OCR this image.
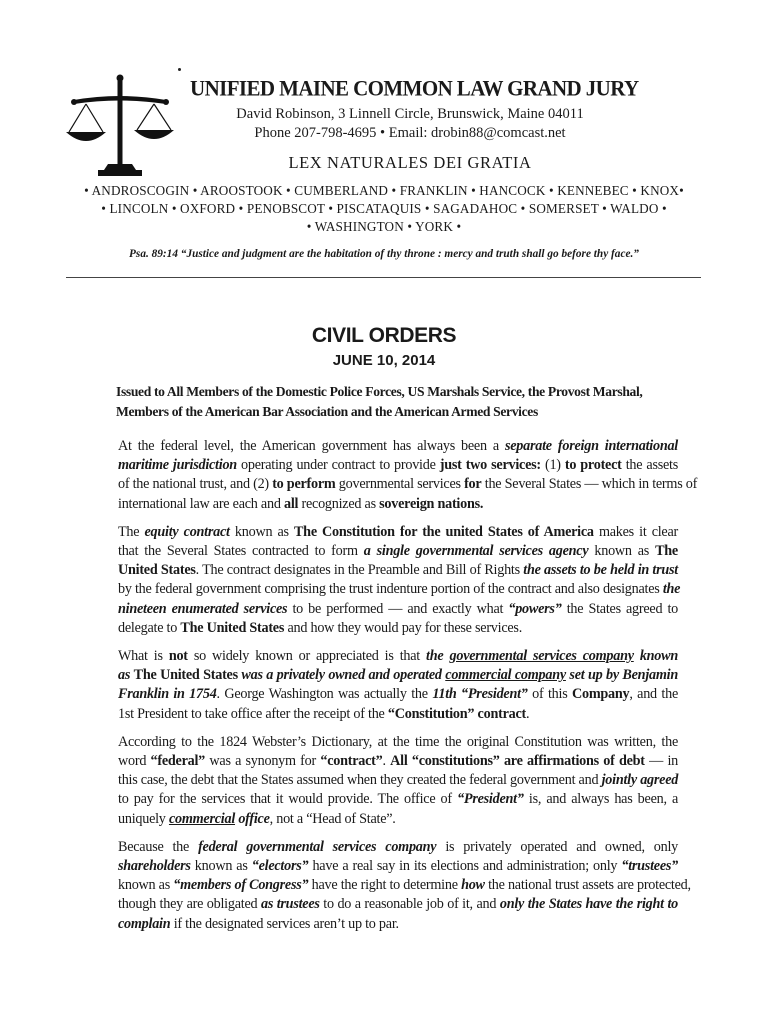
UNIFIED MAINE COMMON LAW GRAND JURY
David Robinson, 3 Linnell Circle, Brunswick, Maine 04011
Phone 207-798-4695 • Email: drobin88@comcast.net
LEX NATURALES DEI GRATIA
• ANDROSCOGIN • AROOSTOOK • CUMBERLAND • FRANKLIN • HANCOCK • KENNEBEC • KNOX•
• LINCOLN • OXFORD • PENOBSCOT • PISCATAQUIS • SAGADAHOC • SOMERSET • WALDO •
• WASHINGTON • YORK •
Psa. 89:14 “Justice and judgment are the habitation of thy throne : mercy and truth shall go before thy face.”
CIVIL ORDERS
JUNE 10, 2014
Issued to All Members of the Domestic Police Forces, US Marshals Service, the Provost Marshal, Members of the American Bar Association and the American Armed Services
At the federal level, the American government has always been a separate foreign international
maritime jurisdiction operating under contract to provide just two services: (1) to protect the assets
of the national trust, and (2) to perform governmental services for the Several States — which in terms of
international law are each and all recognized as sovereign nations.
The equity contract known as The Constitution for the united States of America makes it clear
that the Several States contracted to form a single governmental services agency known as The
United States. The contract designates in the Preamble and Bill of Rights the assets to be held in trust
by the federal government comprising the trust indenture portion of the contract and also designates the
nineteen enumerated services to be performed — and exactly what “powers” the States agreed to
delegate to The United States and how they would pay for these services.
What is not so widely known or appreciated is that the governmental services company known
as The United States was a privately owned and operated commercial company set up by Benjamin
Franklin in 1754. George Washington was actually the 11th “President” of this Company, and the
1st President to take office after the receipt of the “Constitution” contract.
According to the 1824 Webster’s Dictionary, at the time the original Constitution was written, the
word “federal” was a synonym for “contract”. All “constitutions” are affirmations of debt — in
this case, the debt that the States assumed when they created the federal government and jointly agreed
to pay for the services that it would provide. The office of “President” is, and always has been, a
uniquely commercial office, not a “Head of State”.
Because the federal governmental services company is privately operated and owned, only
shareholders known as “electors” have a real say in its elections and administration; only “trustees”
known as “members of Congress” have the right to determine how the national trust assets are protected,
though they are obligated as trustees to do a reasonable job of it, and only the States have the right to
complain if the designated services aren’t up to par.
